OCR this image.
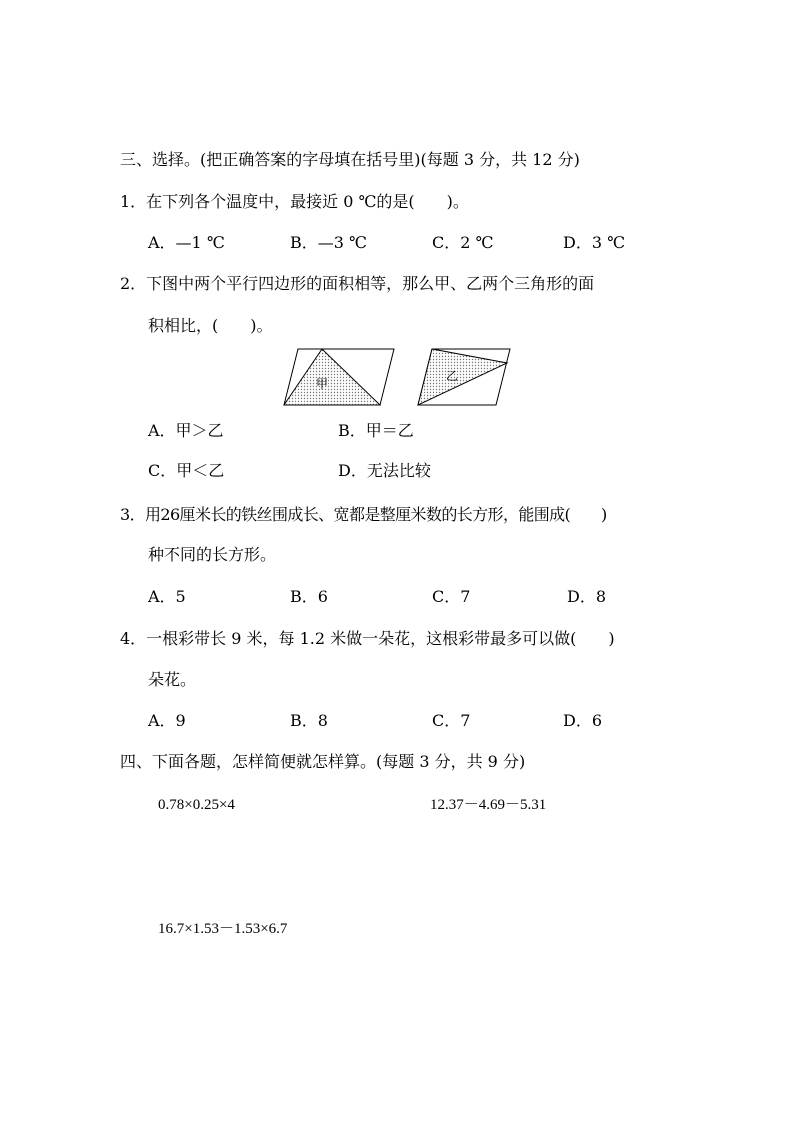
三、选择。(把正确答案的字母填在括号里)(每题 3 分，共 12 分)
1．在下列各个温度中，最接近 0 ℃的是(　　)。
A．—1 ℃	B．—3 ℃	C．2 ℃	D．3 ℃
2．下图中两个平行四边形的面积相等，那么甲、乙两个三角形的面
积相比，(　　)。
甲
乙
A．甲＞乙	B．甲＝乙
C．甲＜乙	D．无法比较
3．用26厘米长的铁丝围成长、宽都是整厘米数的长方形，能围成(　　)
种不同的长方形。
A．5	B．6	C．7	D．8
4．一根彩带长 9 米，每 1.2 米做一朵花，这根彩带最多可以做(　　)
朵花。
A．9	B．8	C．7	D．6
四、下面各题，怎样简便就怎样算。(每题 3 分，共 9 分)
0.78×0.25×4	12.37－4.69－5.31
16.7×1.53－1.53×6.7
